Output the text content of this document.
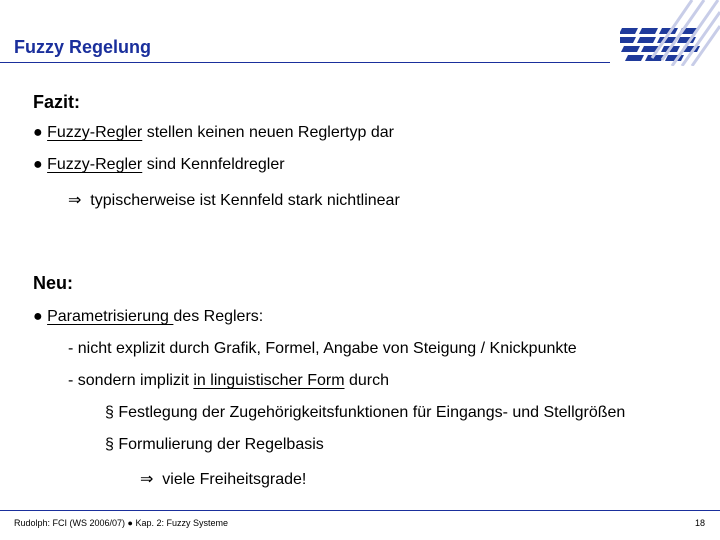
Fuzzy Regelung
Fazit:
● Fuzzy-Regler stellen keinen neuen Reglertyp dar
● Fuzzy-Regler sind Kennfeldregler
⇒ typischerweise ist Kennfeld stark nichtlinear
Neu:
● Parametrisierung des Reglers:
- nicht explizit durch Grafik, Formel, Angabe von Steigung / Knickpunkte
- sondern implizit in linguistischer Form durch
§ Festlegung der Zugehörigkeitsfunktionen für Eingangs- und Stellgrößen
§ Formulierung der Regelbasis
⇒ viele Freiheitsgrade!
Rudolph: FCI (WS 2006/07) ● Kap. 2: Fuzzy Systeme	18
